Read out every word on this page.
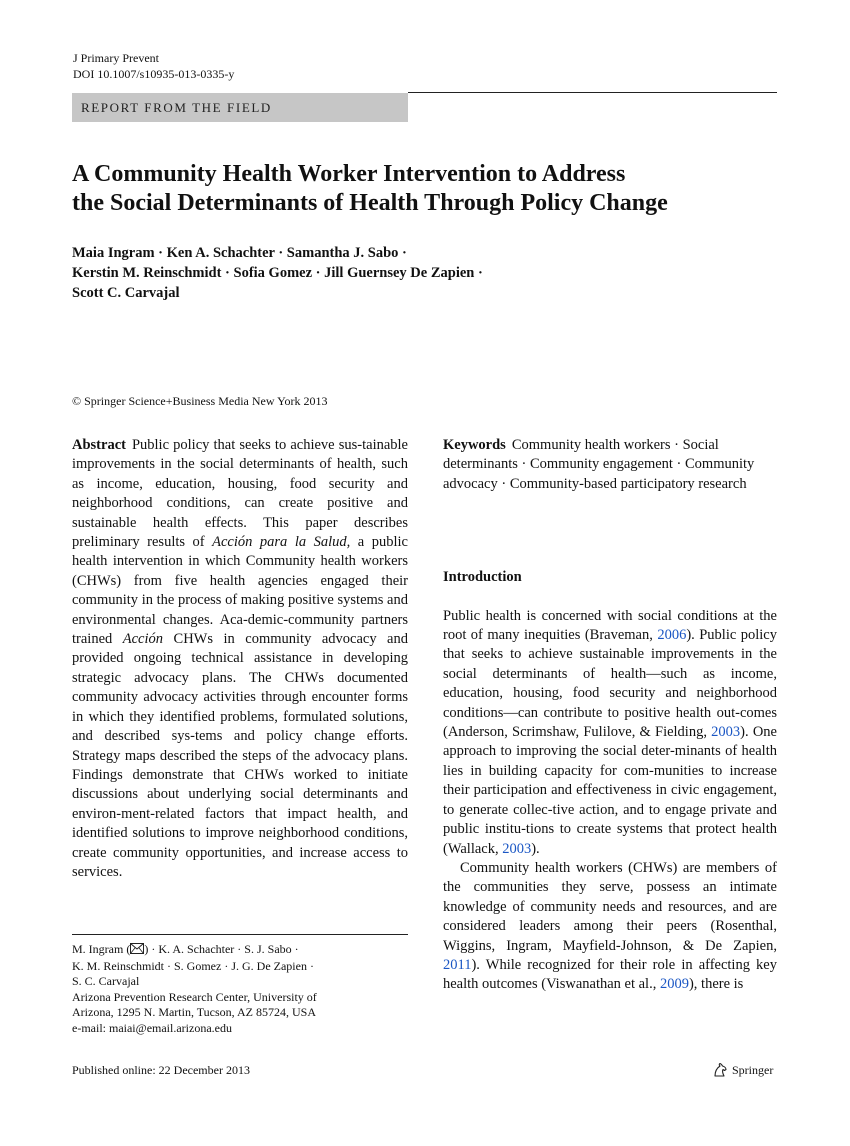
J Primary Prevent
DOI 10.1007/s10935-013-0335-y
REPORT FROM THE FIELD
A Community Health Worker Intervention to Address
the Social Determinants of Health Through Policy Change
Maia Ingram · Ken A. Schachter · Samantha J. Sabo ·
Kerstin M. Reinschmidt · Sofia Gomez · Jill Guernsey De Zapien ·
Scott C. Carvajal
© Springer Science+Business Media New York 2013

Abstract Public policy that seeks to achieve sus-tainable improvements in the social determinants of health, such as income, education, housing, food security and neighborhood conditions, can create positive and sustainable health effects. This paper describes preliminary results of Acción para la Salud, a public health intervention in which Community health workers (CHWs) from five health agencies engaged their community in the process of making positive systems and environmental changes. Aca-demic-community partners trained Acción CHWs in community advocacy and provided ongoing technical assistance in developing strategic advocacy plans. The CHWs documented community advocacy activities through encounter forms in which they identified problems, formulated solutions, and described sys-tems and policy change efforts. Strategy maps described the steps of the advocacy plans. Findings demonstrate that CHWs worked to initiate discussions about underlying social determinants and environ-ment-related factors that impact health, and identified solutions to improve neighborhood conditions, create community opportunities, and increase access to services.

Keywords Community health workers · Social determinants · Community engagement · Community advocacy · Community-based participatory research

Introduction

Public health is concerned with social conditions at the root of many inequities (Braveman, 2006). Public policy that seeks to achieve sustainable improvements in the social determinants of health—such as income, education, housing, food security and neighborhood conditions—can contribute to positive health out-comes (Anderson, Scrimshaw, Fulilove, & Fielding, 2003). One approach to improving the social deter-minants of health lies in building capacity for com-munities to increase their participation and effectiveness in civic engagement, to generate collec-tive action, and to engage private and public institu-tions to create systems that protect health (Wallack, 2003).

Community health workers (CHWs) are members of the communities they serve, possess an intimate knowledge of community needs and resources, and are considered leaders among their peers (Rosenthal, Wiggins, Ingram, Mayfield-Johnson, & De Zapien, 2011). While recognized for their role in affecting key health outcomes (Viswanathan et al., 2009), there is

M. Ingram ( ) · K. A. Schachter · S. J. Sabo ·
K. M. Reinschmidt · S. Gomez · J. G. De Zapien ·
S. C. Carvajal
Arizona Prevention Research Center, University of
Arizona, 1295 N. Martin, Tucson, AZ 85724, USA
e-mail: maiai@email.arizona.edu
Published online: 22 December 2013	Springer
